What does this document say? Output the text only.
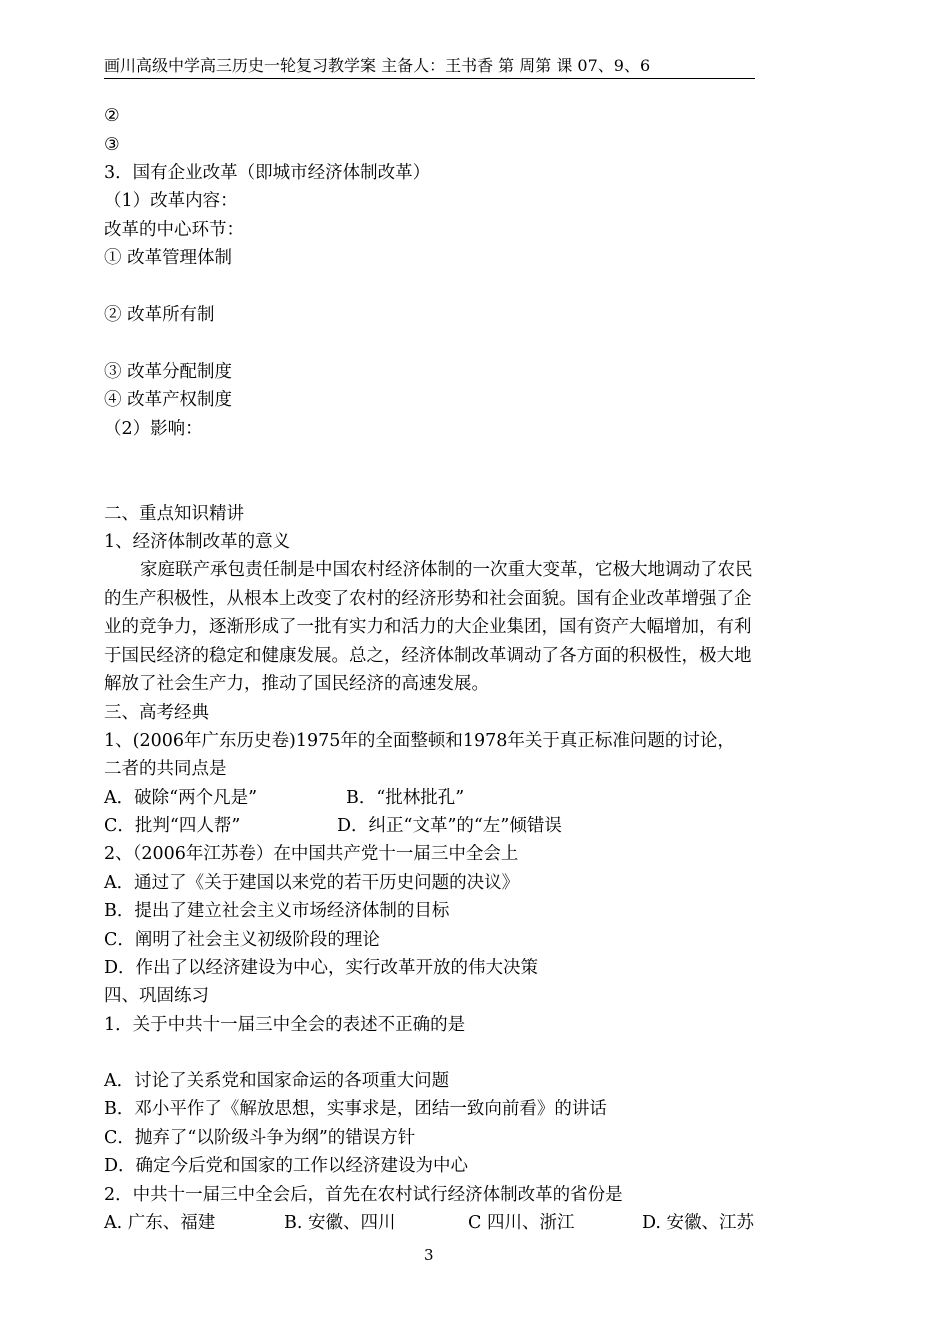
画川高级中学高三历史一轮复习教学案 主备人：王书香 第 周第 课 07、9、6
②
③
3．国有企业改革（即城市经济体制改革）
（1）改革内容：
改革的中心环节：
① 改革管理体制
② 改革所有制
③ 改革分配制度
④ 改革产权制度
（2）影响：
二、重点知识精讲
1、经济体制改革的意义
家庭联产承包责任制是中国农村经济体制的一次重大变革，它极大地调动了农民的生产积极性，从根本上改变了农村的经济形势和社会面貌。国有企业改革增强了企业的竞争力，逐渐形成了一批有实力和活力的大企业集团，国有资产大幅增加，有利于国民经济的稳定和健康发展。总之，经济体制改革调动了各方面的积极性，极大地解放了社会生产力，推动了国民经济的高速发展。
三、高考经典
1、(2006年广东历史卷)1975年的全面整顿和1978年关于真正标准问题的讨论，
二者的共同点是
A．破除“两个凡是”	B．“批林批孔”
C．批判“四人帮”	D．纠正“文革”的“左”倾错误
2、（2006年江苏卷）在中国共产党十一届三中全会上
A．通过了《关于建国以来党的若干历史问题的决议》
B．提出了建立社会主义市场经济体制的目标
C．阐明了社会主义初级阶段的理论
D．作出了以经济建设为中心，实行改革开放的伟大决策
四、巩固练习
1．关于中共十一届三中全会的表述不正确的是
A．讨论了关系党和国家命运的各项重大问题
B．邓小平作了《解放思想，实事求是，团结一致向前看》的讲话
C．抛弃了“以阶级斗争为纲”的错误方针
D．确定今后党和国家的工作以经济建设为中心
2．中共十一届三中全会后，首先在农村试行经济体制改革的省份是
A. 广东、福建	B. 安徽、四川	C 四川、浙江	D. 安徽、江苏
3
